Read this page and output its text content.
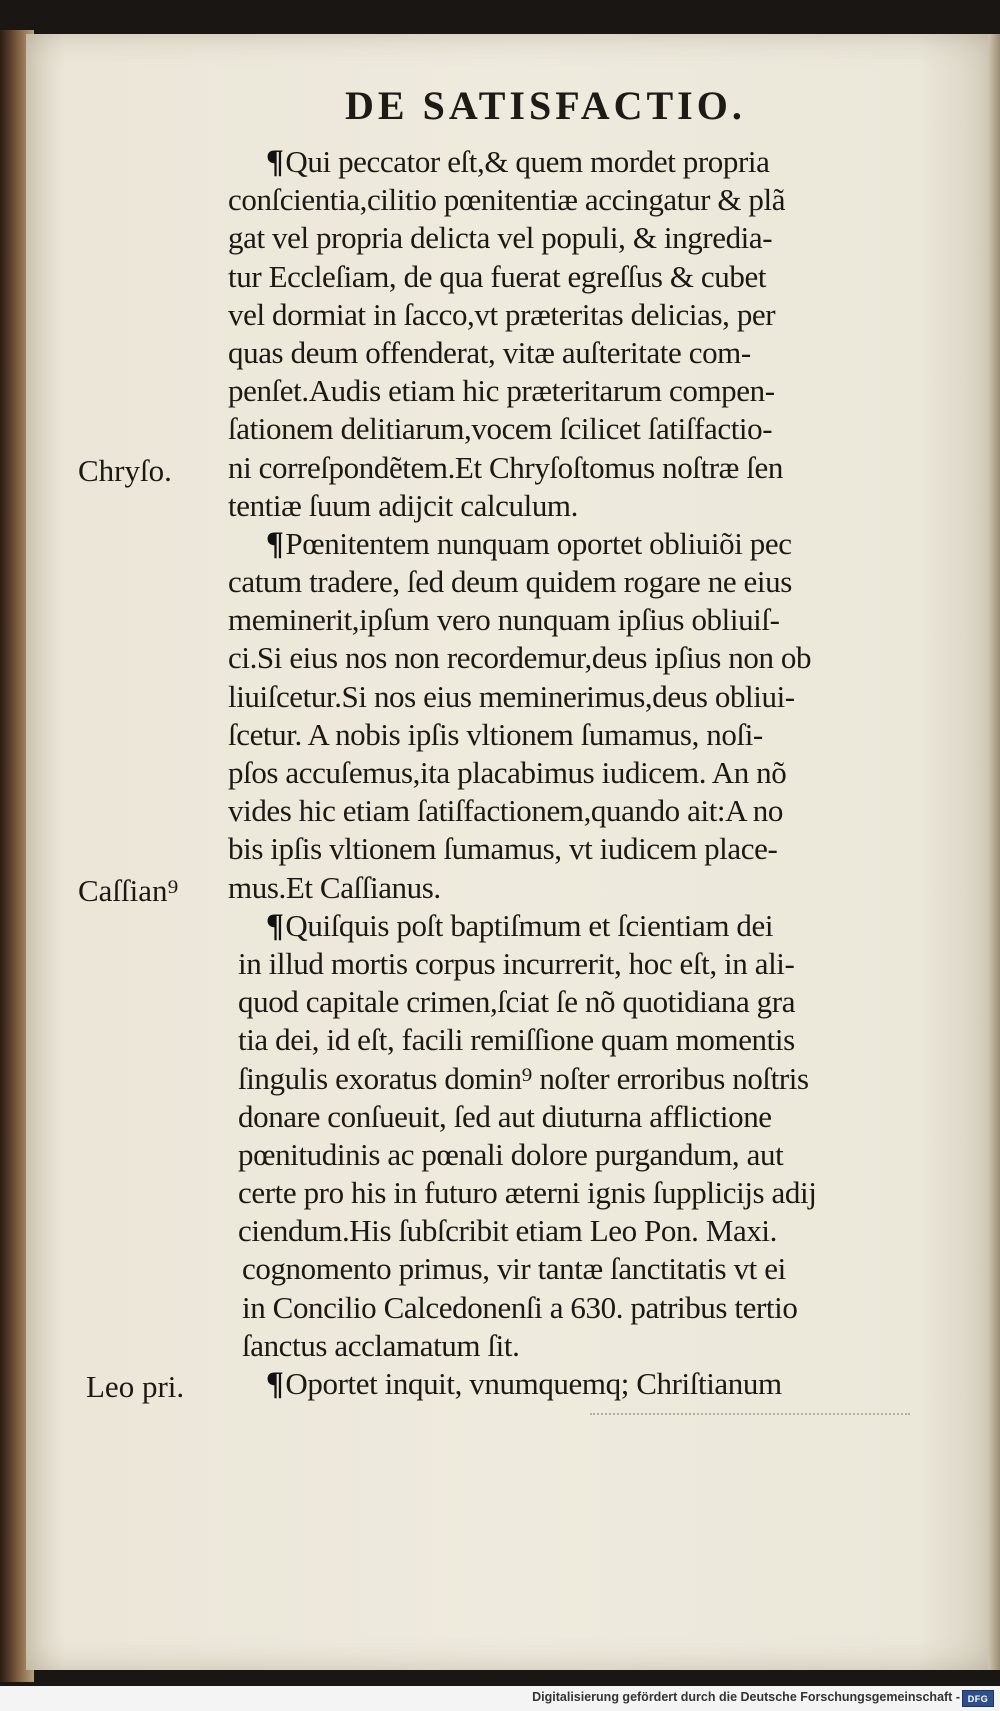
DE SATISFACTIO.
¶Qui peccator eſt,& quem mordet propria
conſcientia,cilitio pœnitentiæ accingatur & plã
gat vel propria delicta vel populi, & ingredia-
tur Eccleſiam, de qua fuerat egreſſus & cubet
vel dormiat in ſacco,vt præteritas delicias, per
quas deum offenderat, vitæ auſteritate com-
penſet.Audis etiam hic præteritarum compen-
ſationem delitiarum,vocem ſcilicet ſatiſfactio-
ni correſpondẽtem.Et Chryſoſtomus noſtræ ſen
tentiæ ſuum adijcit calculum.
¶Pœnitentem nunquam oportet obliuiõi pec
catum tradere, ſed deum quidem rogare ne eius
meminerit,ipſum vero nunquam ipſius obliuiſ-
ci.Si eius nos non recordemur,deus ipſius non ob
liuiſcetur.Si nos eius meminerimus,deus obliui-
ſcetur. A nobis ipſis vltionem ſumamus, noſi-
pſos accuſemus,ita placabimus iudicem. An nõ
vides hic etiam ſatiſfactionem,quando ait:A no
bis ipſis vltionem ſumamus, vt iudicem place-
mus.Et Caſſianus.
¶Quiſquis poſt baptiſmum et ſcientiam dei
in illud mortis corpus incurrerit, hoc eſt, in ali-
quod capitale crimen,ſciat ſe nõ quotidiana gra
tia dei, id eſt, facili remiſſione quam momentis
ſingulis exoratus domin⁹ noſter erroribus noſtris
donare conſueuit, ſed aut diuturna afflictione
pœnitudinis ac pœnali dolore purgandum, aut
certe pro his in futuro æterni ignis ſupplicijs adij
ciendum.His ſubſcribit etiam Leo Pon. Maxi.
cognomento primus, vir tantæ ſanctitatis vt ei
in Concilio Calcedonenſi a 630. patribus tertio
ſanctus acclamatum ſit.
¶Oportet inquit, vnumquemq; Chriſtianum
Chryſo.
Caſſian⁹
Leo pri.
Digitalisierung gefördert durch die Deutsche Forschungsgemeinschaft - DFG
